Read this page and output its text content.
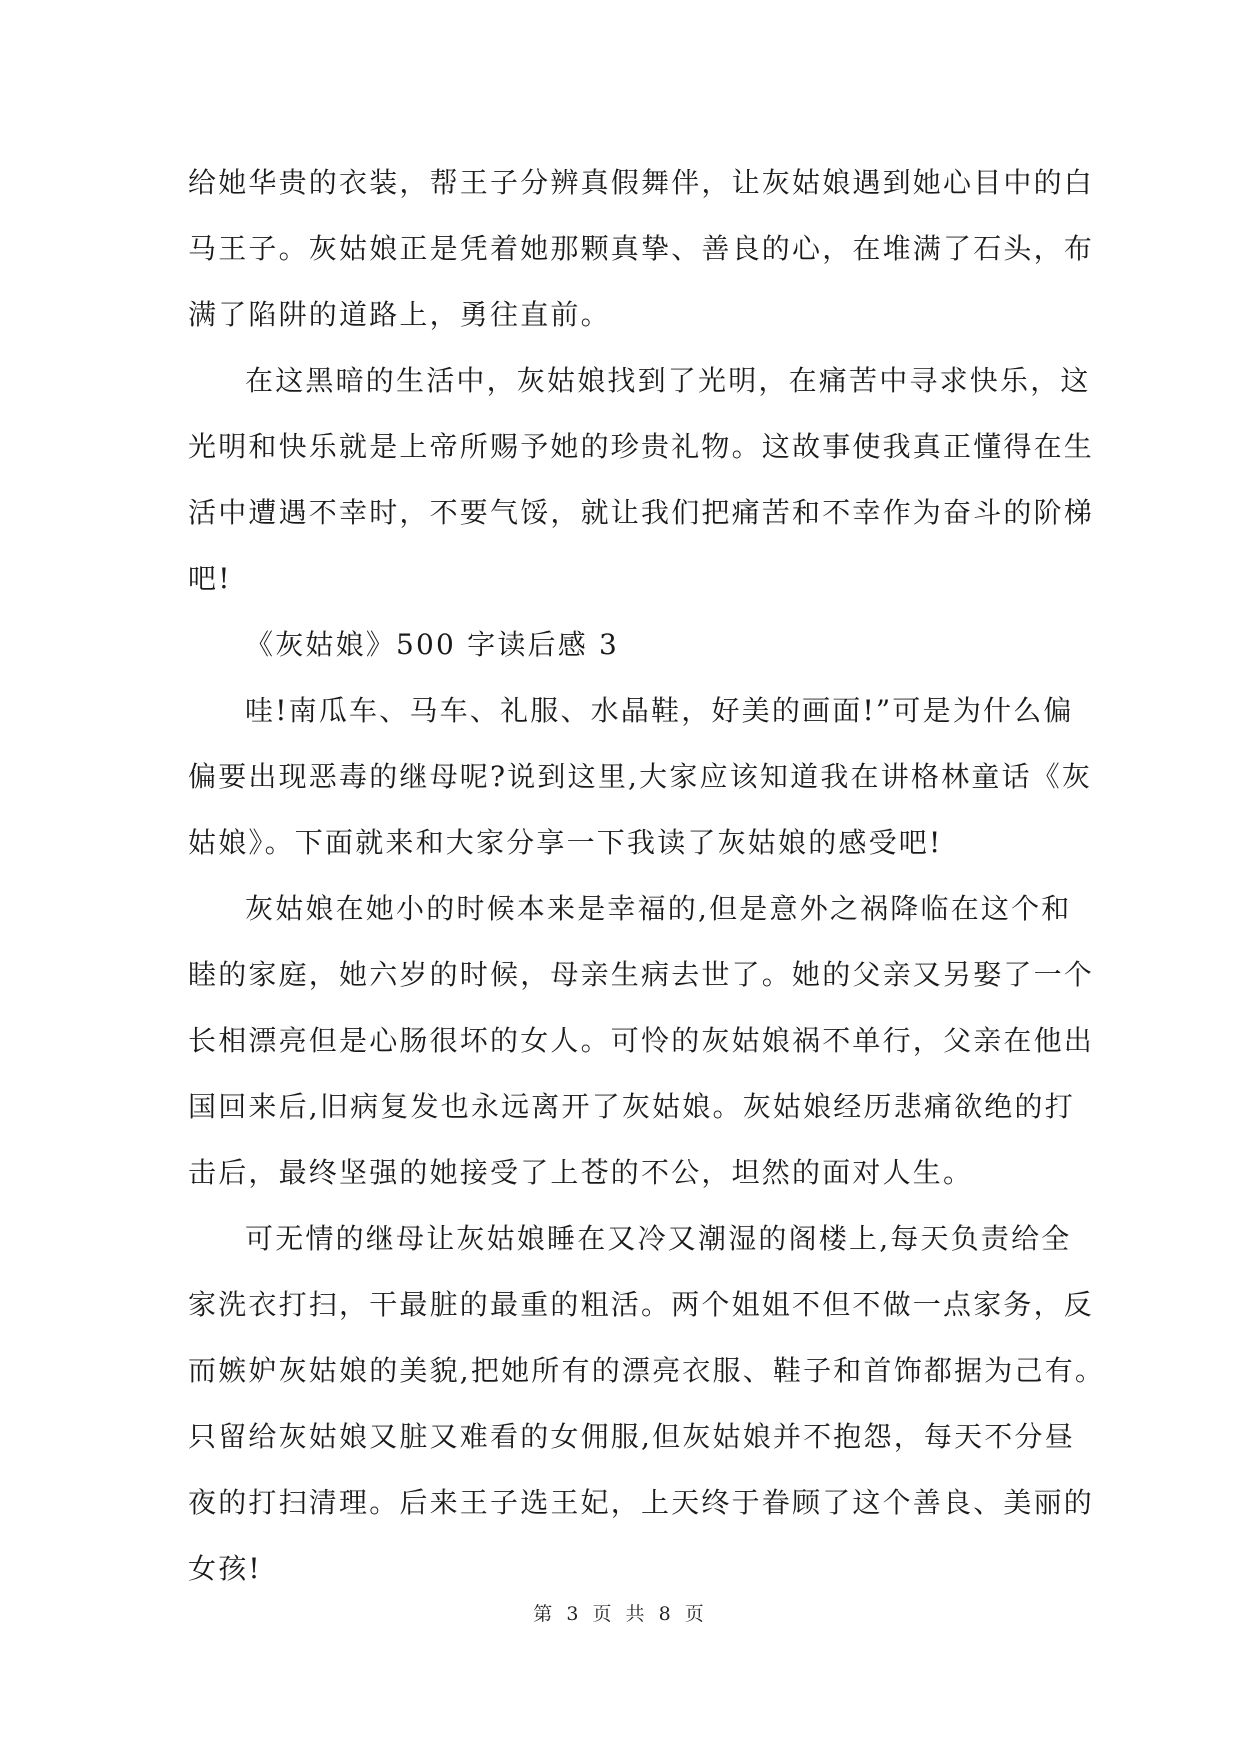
给她华贵的衣装，帮王子分辨真假舞伴，让灰姑娘遇到她心目中的白
马王子。灰姑娘正是凭着她那颗真挚、善良的心，在堆满了石头，布
满了陷阱的道路上，勇往直前。
在这黑暗的生活中，灰姑娘找到了光明，在痛苦中寻求快乐，这
光明和快乐就是上帝所赐予她的珍贵礼物。这故事使我真正懂得在生
活中遭遇不幸时，不要气馁，就让我们把痛苦和不幸作为奋斗的阶梯
吧!
《灰姑娘》500 字读后感 3
哇!南瓜车、马车、礼服、水晶鞋，好美的画面!”可是为什么偏
偏要出现恶毒的继母呢?说到这里,大家应该知道我在讲格林童话《灰
姑娘》。下面就来和大家分享一下我读了灰姑娘的感受吧!
灰姑娘在她小的时候本来是幸福的,但是意外之祸降临在这个和
睦的家庭，她六岁的时候，母亲生病去世了。她的父亲又另娶了一个
长相漂亮但是心肠很坏的女人。可怜的灰姑娘祸不单行，父亲在他出
国回来后,旧病复发也永远离开了灰姑娘。灰姑娘经历悲痛欲绝的打
击后，最终坚强的她接受了上苍的不公，坦然的面对人生。
可无情的继母让灰姑娘睡在又冷又潮湿的阁楼上,每天负责给全
家洗衣打扫，干最脏的最重的粗活。两个姐姐不但不做一点家务，反
而嫉妒灰姑娘的美貌,把她所有的漂亮衣服、鞋子和首饰都据为己有。
只留给灰姑娘又脏又难看的女佣服,但灰姑娘并不抱怨，每天不分昼
夜的打扫清理。后来王子选王妃，上天终于眷顾了这个善良、美丽的
女孩!
第 3 页 共 8 页
